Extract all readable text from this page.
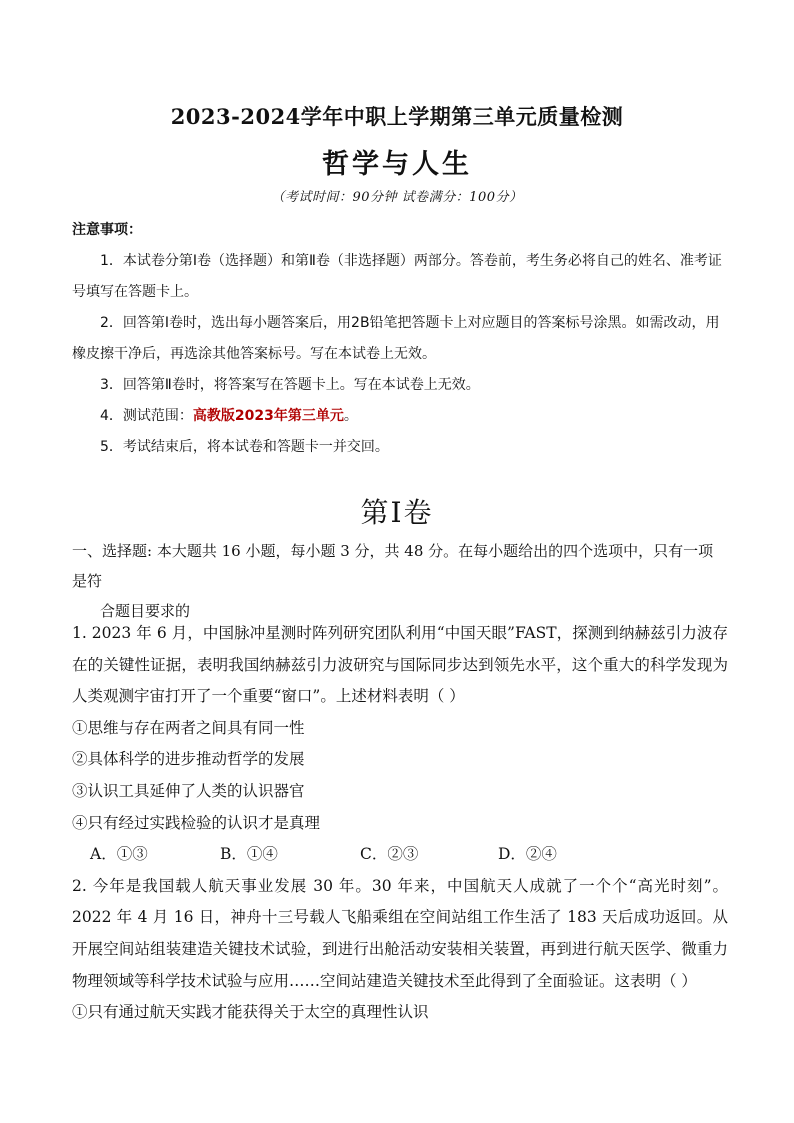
2023-2024学年中职上学期第三单元质量检测
哲学与人生
（考试时间：90分钟 试卷满分：100分）
注意事项：

1．本试卷分第Ⅰ卷（选择题）和第Ⅱ卷（非选择题）两部分。答卷前，考生务必将自己的姓名、准考证号填写在答题卡上。

2．回答第Ⅰ卷时，选出每小题答案后，用2B铅笔把答题卡上对应题目的答案标号涂黑。如需改动，用橡皮擦干净后，再选涂其他答案标号。写在本试卷上无效。

3．回答第Ⅱ卷时，将答案写在答题卡上。写在本试卷上无效。

4．测试范围：高教版2023年第三单元。

5．考试结束后，将本试卷和答题卡一并交回。

第Ⅰ卷
一、选择题: 本大题共 16 小题，每小题 3 分，共 48 分。在每小题给出的四个选项中，只有一项是符
合题目要求的

1. 2023 年 6 月，中国脉冲星测时阵列研究团队利用“中国天眼”FAST，探测到纳赫兹引力波存在的关键性证据，表明我国纳赫兹引力波研究与国际同步达到领先水平，这个重大的科学发现为人类观测宇宙打开了一个重要“窗口”。上述材料表明（ ）

①思维与存在两者之间具有同一性

②具体科学的进步推动哲学的发展

③认识工具延伸了人类的认识器官

④只有经过实践检验的认识才是真理

A．①③	B．①④	C．②③	D．②④

2. 今年是我国载人航天事业发展 30 年。30 年来，中国航天人成就了一个个“高光时刻”。2022 年 4 月 16 日，神舟十三号载人飞船乘组在空间站组工作生活了 183 天后成功返回。从开展空间站组装建造关键技术试验，到进行出舱活动安装相关装置，再到进行航天医学、微重力物理领域等科学技术试验与应用……空间站建造关键技术至此得到了全面验证。这表明（ ）

①只有通过航天实践才能获得关于太空的真理性认识
